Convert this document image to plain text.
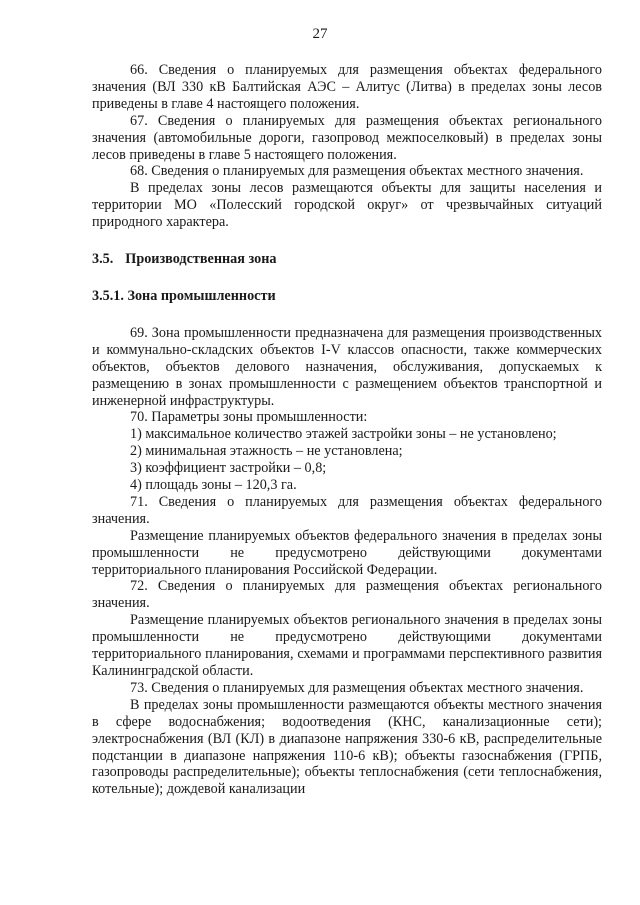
27

66. Сведения о планируемых для размещения объектах федерального значения (ВЛ 330 кВ Балтийская АЭС – Алитус (Литва) в пределах зоны лесов приведены в главе 4 настоящего положения.

67. Сведения о планируемых для размещения объектах регионального значения (автомобильные дороги, газопровод межпоселковый) в пределах зоны лесов приведены в главе 5 настоящего положения.

68. Сведения о планируемых для размещения объектах местного значения.

В пределах зоны лесов размещаются объекты для защиты населения и территории МО «Полесский городской округ» от чрезвычайных ситуаций природного характера.

3.5. Производственная зона

3.5.1. Зона промышленности

69. Зона промышленности предназначена для размещения производственных и коммунально-складских объектов I-V классов опасности, также коммерческих объектов, объектов делового назначения, обслуживания, допускаемых к размещению в зонах промышленности с размещением объектов транспортной и инженерной инфраструктуры.

70. Параметры зоны промышленности:

1) максимальное количество этажей застройки зоны – не установлено;

2) минимальная этажность – не установлена;

3) коэффициент застройки – 0,8;

4) площадь зоны – 120,3 га.

71. Сведения о планируемых для размещения объектах федерального значения.

Размещение планируемых объектов федерального значения в пределах зоны промышленности не предусмотрено действующими документами территориального планирования Российской Федерации.

72. Сведения о планируемых для размещения объектах регионального значения.

Размещение планируемых объектов регионального значения в пределах зоны промышленности не предусмотрено действующими документами территориального планирования, схемами и программами перспективного развития Калининградской области.

73. Сведения о планируемых для размещения объектах местного значения.

В пределах зоны промышленности размещаются объекты местного значения в сфере водоснабжения; водоотведения (КНС, канализационные сети); электроснабжения (ВЛ (КЛ) в диапазоне напряжения 330-6 кВ, распределительные подстанции в диапазоне напряжения 110-6 кВ); объекты газоснабжения (ГРПБ, газопроводы распределительные); объекты теплоснабжения (сети теплоснабжения, котельные); дождевой канализации
